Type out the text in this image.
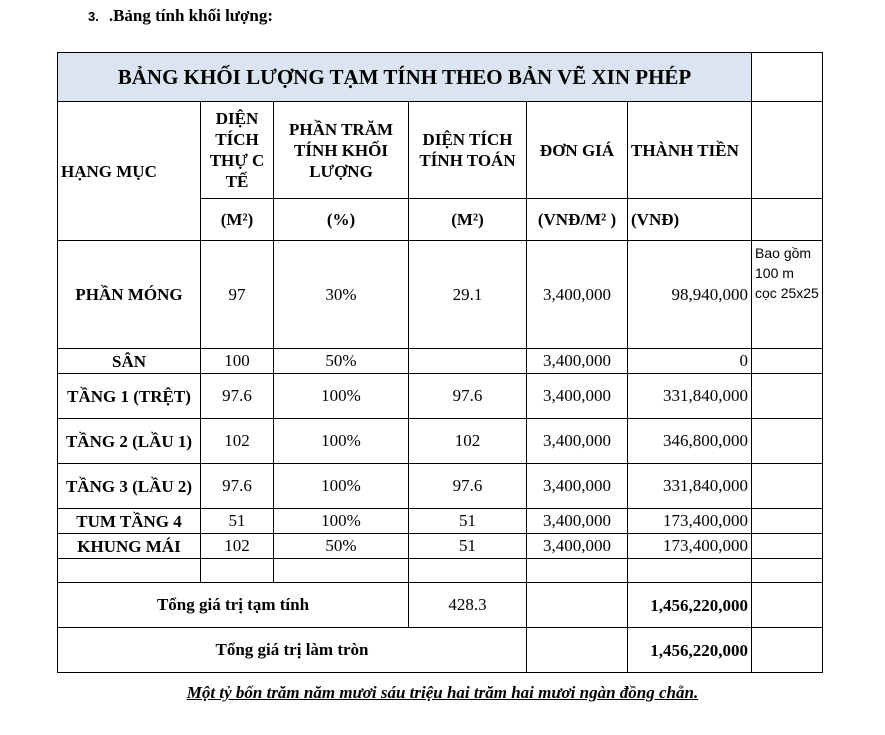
3. .Bảng tính khối lượng:
BẢNG KHỐI LƯỢNG TẠM TÍNH THEO BẢN VẼ XIN PHÉP						
HẠNG MỤC	DIỆN TÍCH THỰ C TẾ	PHẦN TRĂM TÍNH KHỐI LƯỢNG	DIỆN TÍCH TÍNH TOÁN	ĐƠN GIÁ	THÀNH TIỀN	
	(M²)	(%)	(M²)	(VNĐ/M² )	(VNĐ)	
PHẦN MÓNG	97	30%	29.1	3,400,000	98,940,000	Bao gồm 100 m cọc 25x25
SÂN	100	50%		3,400,000	0	
TẦNG 1 (TRỆT)	97.6	100%	97.6	3,400,000	331,840,000	
TẦNG 2 (LẦU 1)	102	100%	102	3,400,000	346,800,000	
TẦNG 3 (LẦU 2)	97.6	100%	97.6	3,400,000	331,840,000	
TUM TẦNG 4	51	100%	51	3,400,000	173,400,000	
KHUNG MÁI	102	50%	51	3,400,000	173,400,000	

Tổng giá trị tạm tính			428.3		1,456,220,000	
Tổng giá trị làm tròn					1,456,220,000	
Một tỷ bốn trăm năm mươi sáu triệu hai trăm hai mươi ngàn đồng chẵn.
